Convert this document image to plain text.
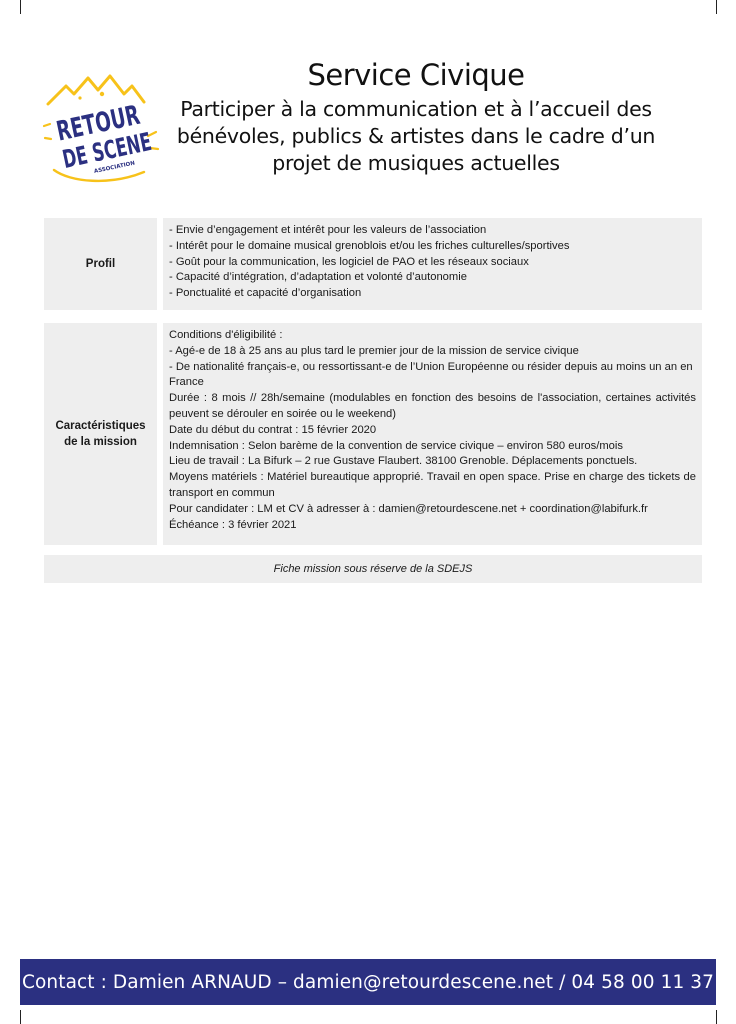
RETOUR
DE SCENE
ASSOCIATION
Service Civique

Participer à la communication et à l’accueil des
bénévoles, publics & artistes dans le cadre d’un
projet de musiques actuelles

Profil
- Envie d’engagement et intérêt pour les valeurs de l’association
- Intérêt pour le domaine musical grenoblois et/ou les friches culturelles/sportives
- Goût pour la communication, les logiciel de PAO et les réseaux sociaux
- Capacité d’intégration, d’adaptation et volonté d’autonomie
- Ponctualité et capacité d’organisation
Caractéristiques
de la mission
Conditions d'éligibilité :
- Agé-e de 18 à 25 ans au plus tard le premier jour de la mission de service civique
- De nationalité français-e, ou ressortissant-e de l’Union Européenne ou résider depuis au moins un an en France
Durée : 8 mois // 28h/semaine (modulables en fonction des besoins de l'association, certaines activités peuvent se dérouler en soirée ou le weekend)
Date du début du contrat : 15 février 2020
Indemnisation : Selon barème de la convention de service civique – environ 580 euros/mois
Lieu de travail : La Bifurk – 2 rue Gustave Flaubert. 38100 Grenoble. Déplacements ponctuels.
Moyens matériels : Matériel bureautique approprié. Travail en open space. Prise en charge des tickets de transport en commun
Pour candidater : LM et CV à adresser à : damien@retourdescene.net + coordination@labifurk.fr
Échéance : 3 février 2021
Fiche mission sous réserve de la SDEJS
Contact : Damien ARNAUD – damien@retourdescene.net / 04 58 00 11 37
